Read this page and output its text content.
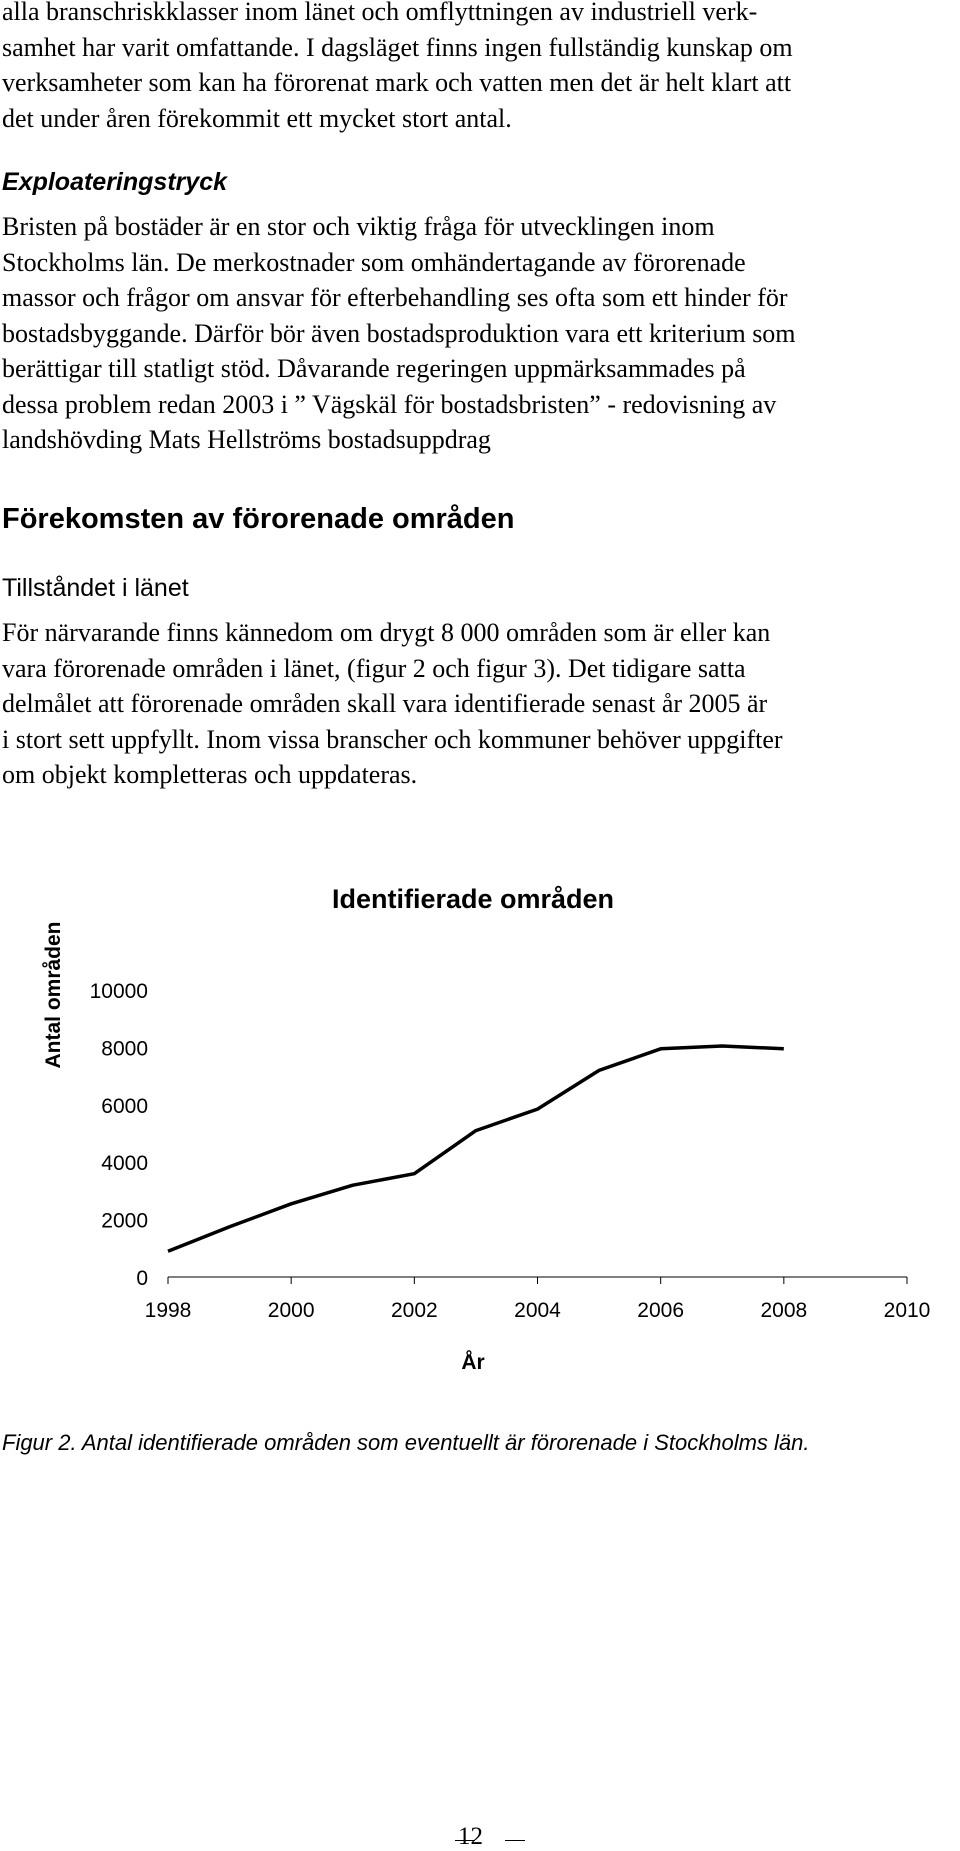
alla branschriskklasser inom länet och omflyttningen av industriell verk-
samhet har varit omfattande. I dagsläget finns ingen fullständig kunskap om
verksamheter som kan ha förorenat mark och vatten men det är helt klart att
det under åren förekommit ett mycket stort antal.
Exploateringstryck
Bristen på bostäder är en stor och viktig fråga för utvecklingen inom
Stockholms län. De merkostnader som omhändertagande av förorenade
massor och frågor om ansvar för efterbehandling ses ofta som ett hinder för
bostadsbyggande. Därför bör även bostadsproduktion vara ett kriterium som
berättigar till statligt stöd. Dåvarande regeringen uppmärksammades på
dessa problem redan 2003 i ” Vägskäl för bostadsbristen” - redovisning av
landshövding Mats Hellströms bostadsuppdrag
Förekomsten av förorenade områden
Tillståndet i länet
För närvarande finns kännedom om drygt 8 000 områden som är eller kan
vara förorenade områden i länet, (figur 2 och figur 3). Det tidigare satta
delmålet att förorenade områden skall vara identifierade senast år 2005 är
i stort sett uppfyllt. Inom vissa branscher och kommuner behöver uppgifter
om objekt kompletteras och uppdateras.
Identifierade områden
Antal områden
År
1998	2000	2002	2004	2006	2008	2010
10000
8000
6000
4000
2000
0

Figur 2. Antal identifierade områden som eventuellt är förorenade i Stockholms län.

12
